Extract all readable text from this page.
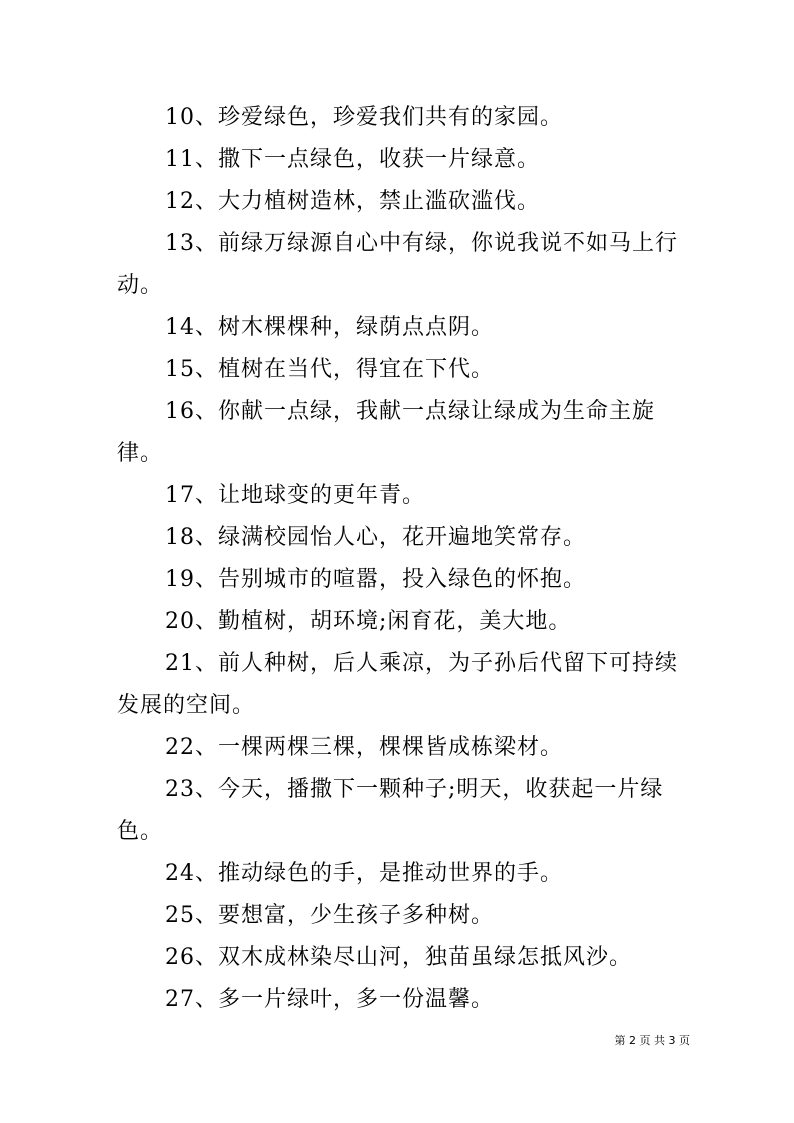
10、珍爱绿色，珍爱我们共有的家园。

11、撒下一点绿色，收获一片绿意。

12、大力植树造林，禁止滥砍滥伐。

13、前绿万绿源自心中有绿，你说我说不如马上行动。

14、树木棵棵种，绿荫点点阴。

15、植树在当代，得宜在下代。

16、你献一点绿，我献一点绿让绿成为生命主旋律。

17、让地球变的更年青。

18、绿满校园怡人心，花开遍地笑常存。

19、告别城市的喧嚣，投入绿色的怀抱。

20、勤植树，胡环境;闲育花，美大地。

21、前人种树，后人乘凉，为子孙后代留下可持续发展的空间。

22、一棵两棵三棵，棵棵皆成栋梁材。

23、今天，播撒下一颗种子;明天，收获起一片绿色。

24、推动绿色的手，是推动世界的手。

25、要想富，少生孩子多种树。

26、双木成林染尽山河，独苗虽绿怎抵风沙。

27、多一片绿叶，多一份温馨。

第 2 页 共 3 页
